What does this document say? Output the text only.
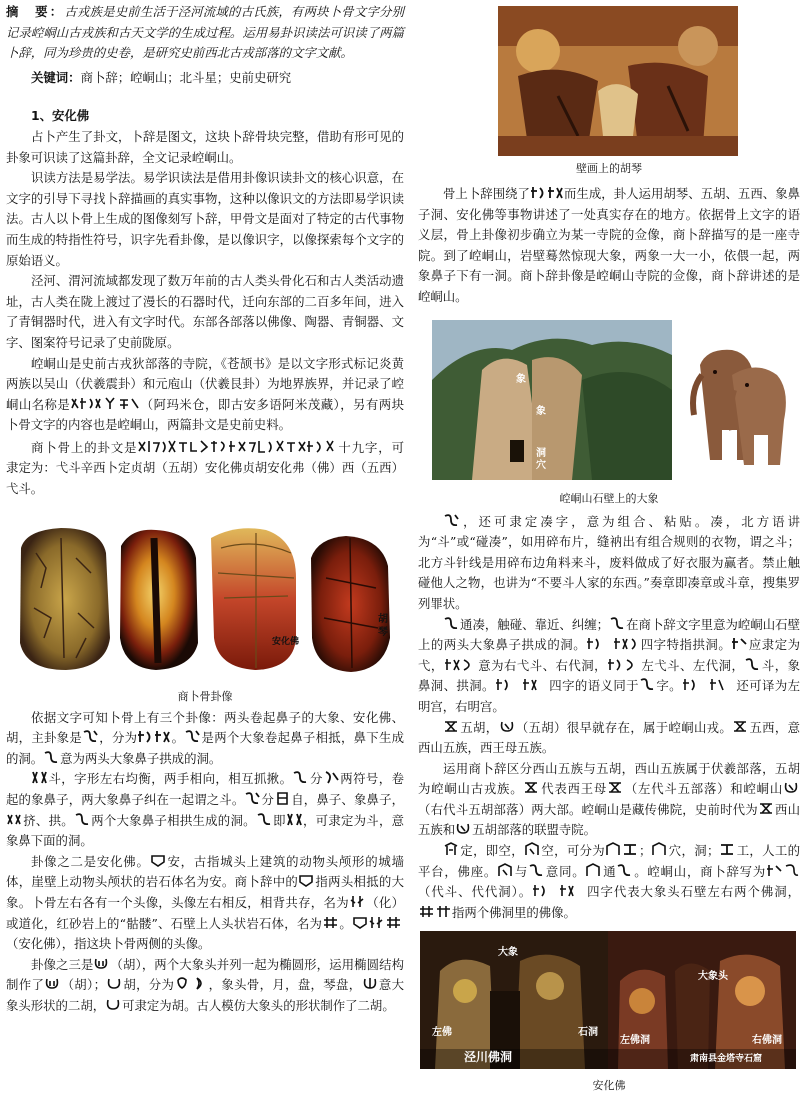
摘　要：古戎族是史前生活于泾河流域的古氏族，有两块卜骨文字分别记录崆峒山古戎族和古天文学的生成过程。运用易卦识读法可识读了两篇卜辞，同为珍贵的史卷，是研究史前西北古戎部落的文字文献。

关键词：商卜辞；崆峒山；北斗星；史前史研究

1、安化佛

占卜产生了卦文，卜辞是图文，这块卜辞骨块完整，借助有形可见的卦象可识读了这篇卦辞，全文记录崆峒山。

识读方法是易学法。易学识读法是借用卦像识读卦文的核心识意，在文字的引导下寻找卜辞描画的真实事物，这种以像识文的方法即易学识读法。古人以卜骨上生成的图像刻写卜辞，甲骨文是面对了特定的古代事物而生成的特指性符号，识字先看卦像，是以像识字，以像探索每个文字的原始语义。

泾河、渭河流域都发现了数万年前的古人类头骨化石和古人类活动遗址，古人类在陇上渡过了漫长的石器时代，迁向东部的二百多年间，进入了青铜器时代，进入有文字时代。东部各部落以佛像、陶器、青铜器、文字、图案符号记录了史前陇原。

崆峒山是史前古戎狄部落的寺院，《苍颉书》是以文字形式标记炎黄两族以吴山（伏羲震卦）和元庖山（伏羲艮卦）为地界族界，并记录了崆峒山名称是	（阿玛米仓，即古安多语阿米茂藏），另有两块卜骨文字的内容也是崆峒山，两篇卦文是史前史料。

商卜骨上的卦文是	十九字，可隶定为：弋斗辛西卜定贞胡（五胡）安化佛贞胡安化弗（佛）西（五西）弋斗。

安化佛
胡琴
商卜骨卦像

依据文字可知卜骨上有三个卦像：两头卷起鼻子的大象、安化佛、胡，主卦象是 ，分为	。 是两个大象卷起鼻子相抵，鼻下生成的洞。 意为两头大象鼻子拱成的洞。

斗，字形左右均衡，两手相向，相互抓揪。 分 两符号，卷起的象鼻子，两大象鼻子纠在一起谓之斗。 分 自，鼻子、象鼻子，挤、拱。 两个大象鼻子相拱生成的洞。 即 ，可隶定为斗，意象鼻下面的洞。

卦像之二是安化佛。 安，古指城头上建筑的动物头颅形的城墙体，崖壁上动物头颅状的岩石体名为安。商卜辞中的 指两头相抵的大象。卜骨左右各有一个头像，头像左右相反，相背共存，名为 （化）或道化，红砂岩上的“骷髅”、石壁上人头状岩石体，名为 。（安化佛），指这块卜骨两侧的头像。

卦像之三是 （胡），两个大象头并列一起为椭圆形，运用椭圆结构制作了 （胡）； 胡，分为	，象头骨，月，盘，琴盘， 意大象头形状的二胡， 可隶定为胡。古人模仿大象头的形状制作了二胡。

壁画上的胡琴

骨上卜辞围绕了	而生成，卦人运用胡琴、五胡、五西、象鼻子洞、安化佛等事物讲述了一处真实存在的地方。依据骨上文字的语义层，骨上卦像初步确立为某一寺院的佥像，商卜辞描写的是一座寺院。到了崆峒山，岩壁蓦然惊现大象，两象一大一小，依偎一起，两象鼻子下有一洞。商卜辞卦像是崆峒山寺院的佥像，商卜辞讲述的是崆峒山。

象
象
洞穴
崆峒山石壁上的大象

，还可隶定凑字，意为组合、粘贴。凑，北方语讲为“斗”或“碰凑”，如用碎布片，缝衲出有组合规则的衣物，谓之斗；北方斗针线是用碎布边角料来斗，废料做成了好衣服为赢者。禁止触碰他人之物，也讲为“不要斗人家的东西。”奏章即凑章或斗章，搜集罗列罪状。

通凑，触碰、靠近、纠缠； 在商卜辞文字里意为崆峒山石壁上的两头大象鼻子拱成的洞。	四字特指拱洞。 应隶定为弋，	意为右弋斗、右代洞，	左弋斗、左代洞， 斗，象鼻洞、拱洞。	四字的语义同于 字。	还可译为左明宫，右明宫。

五胡， （五胡）很早就存在，属于崆峒山戎。 五西，意西山五族，西王母五族。

运用商卜辞区分西山五族与五胡，西山五族属于伏羲部落，五胡为崆峒山古戎族。 代表西王母 （左代斗五部落）和崆峒山（右代斗五胡部落）两大部。崆峒山是藏传佛院，史前时代为 西山五族和 五胡部落的联盟寺院。

定，即空， 空，可分为	； 穴，洞； 工，人工的平台，佛座。 与 意同。 通 。崆峒山，商卜辞写为（代斗、代代洞）。	四字代表大象头石壁左右两个佛洞，指两个佛洞里的佛像。

大象
左佛	石洞
泾川佛洞
左佛洞
大象头
肃南县金塔寺石窟
右佛洞
安化佛
